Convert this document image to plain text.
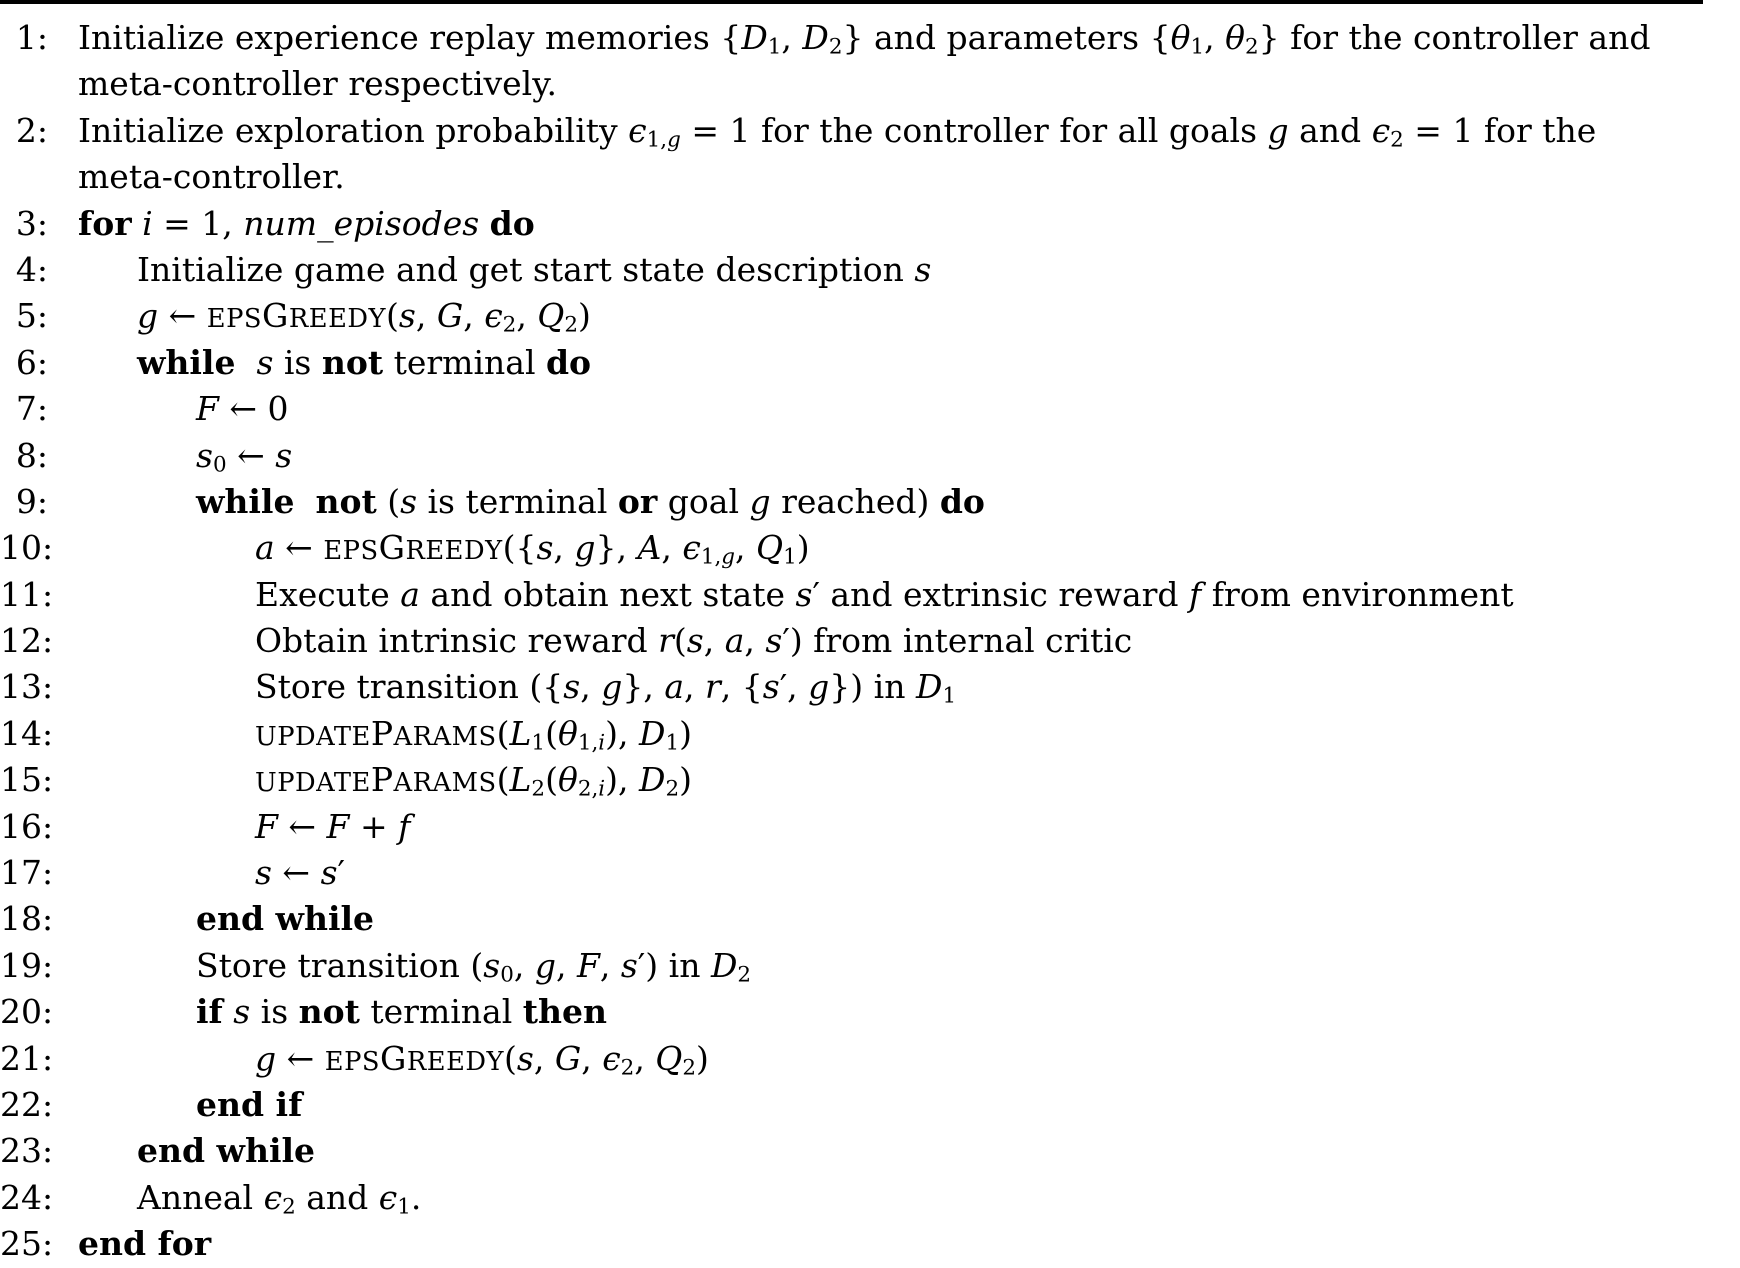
1: Initialize experience replay memories {$D_1$, $D_2$} and parameters {$\theta_1$, $\theta_2$} for the controller and
meta-controller respectively.
2: Initialize exploration probability $\epsilon_{1,g} = 1$ for the controller for all goals g and $\epsilon_2 = 1$ for the
meta-controller.
3: for i = 1, num_episodes do
4:	Initialize game and get start state description s
5:	g ← EPSGREEDY(s, G, $\epsilon_2$, $Q_2$)
6:	while s is not terminal do
7:	F ← 0
8:	$s_0$ ← s
9:	while not (s is terminal or goal g reached) do
10:	a ← EPSGREEDY({s, g}, A, $\epsilon_{1,g}$, $Q_1$)
11:	Execute a and obtain next state s′ and extrinsic reward f from environment
12:	Obtain intrinsic reward r(s, a, s′) from internal critic
13:	Store transition ({s, g}, a, r, {s′, g}) in $D_1$
14:	$UPDATEPARAMS(L_1(\theta_{1,i})$, $D_1$)
15:	$UPDATEPARAMS(L_2(\theta_{2,i})$, $D_2$)
16:	F ← F + f
17:	s ← s′
18:	end while
19:	Store transition ($s_0$, g, F, s′) in $D_2$
20:	if s is not terminal then
21:	g ← EPSGREEDY(s, G, $\epsilon_2$, $Q_2$)
22:	end if
23:	end while
24:	Anneal $\epsilon_2$ and $\epsilon_1$.
25: end for
